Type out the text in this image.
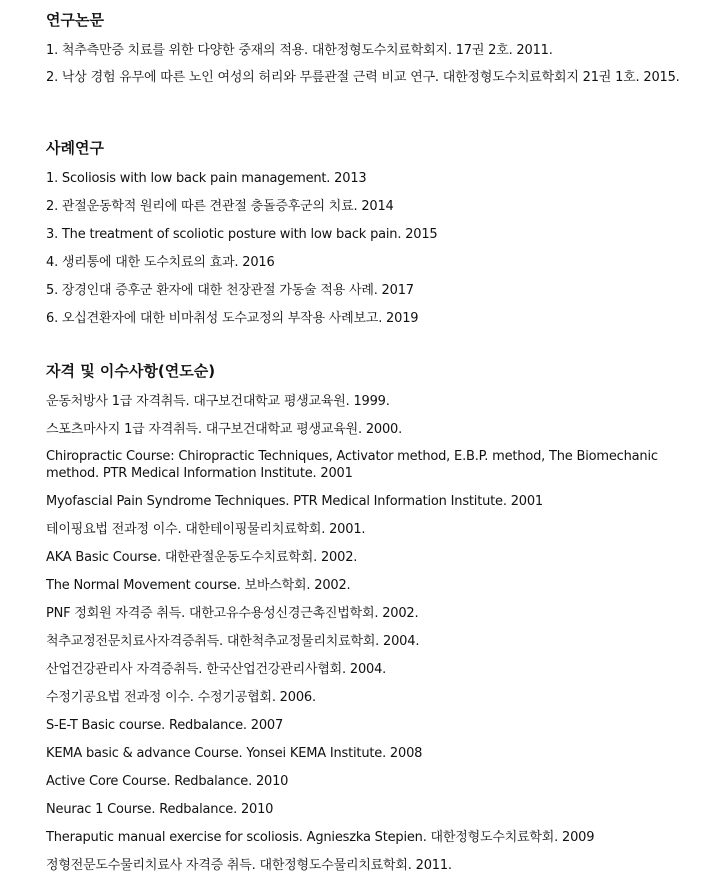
연구논문

1. 척추측만증 치료를 위한 다양한 중재의 적용. 대한정형도수치료학회지. 17권 2호. 2011.

2. 낙상 경험 유무에 따른 노인 여성의 허리와 무릎관절 근력 비교 연구. 대한정형도수치료학회지 21권 1호. 2015.

사례연구

1. Scoliosis with low back pain management. 2013

2. 관절운동학적 원리에 따른 견관절 충돌증후군의 치료. 2014

3. The treatment of scoliotic posture with low back pain. 2015

4. 생리통에 대한 도수치료의 효과. 2016

5. 장경인대 증후군 환자에 대한 천장관절 가동술 적용 사례. 2017

6. 오십견환자에 대한 비마취성 도수교정의 부작용 사례보고. 2019

자격 및 이수사항(연도순)

운동처방사 1급 자격취득. 대구보건대학교 평생교육원. 1999.

스포츠마사지 1급 자격취득. 대구보건대학교 평생교육원. 2000.

Chiropractic Course: Chiropractic Techniques, Activator method, E.B.P. method, The Biomechanic method. PTR Medical Information Institute. 2001

Myofascial Pain Syndrome Techniques. PTR Medical Information Institute. 2001

테이핑요법 전과정 이수. 대한테이핑물리치료학회. 2001.

AKA Basic Course. 대한관절운동도수치료학회. 2002.

The Normal Movement course. 보바스학회. 2002.

PNF 정회원 자격증 취득. 대한고유수용성신경근촉진법학회. 2002.

척추교정전문치료사자격증취득. 대한척추교정물리치료학회. 2004.

산업건강관리사 자격증취득. 한국산업건강관리사협회. 2004.

수정기공요법 전과정 이수. 수정기공협회. 2006.

S-E-T Basic course. Redbalance. 2007

KEMA basic & advance Course. Yonsei KEMA Institute. 2008

Active Core Course. Redbalance. 2010

Neurac 1 Course. Redbalance. 2010

Theraputic manual exercise for scoliosis. Agnieszka Stepien. 대한정형도수치료학회. 2009

정형전문도수물리치료사 자격증 취득. 대한정형도수물리치료학회. 2011.
